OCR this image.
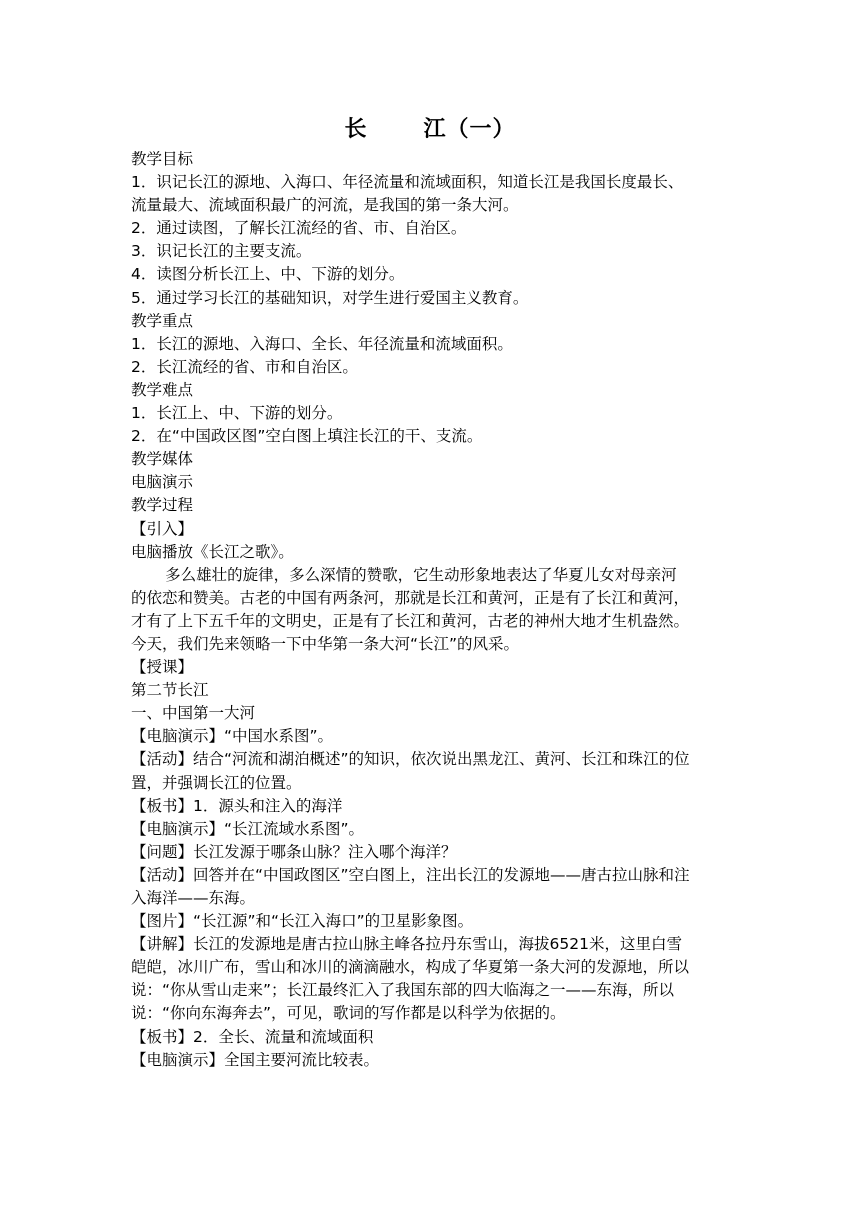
长	江（一）

教学目标

1．识记长江的源地、入海口、年径流量和流域面积，知道长江是我国长度最长、流量最大、流域面积最广的河流，是我国的第一条大河。

2．通过读图，了解长江流经的省、市、自治区。

3．识记长江的主要支流。

4．读图分析长江上、中、下游的划分。

5．通过学习长江的基础知识，对学生进行爱国主义教育。

教学重点

1．长江的源地、入海口、全长、年径流量和流域面积。

2．长江流经的省、市和自治区。

教学难点

1．长江上、中、下游的划分。

2．在“中国政区图”空白图上填注长江的干、支流。

教学媒体

电脑演示

教学过程

【引入】

电脑播放《长江之歌》。

多么雄壮的旋律，多么深情的赞歌，它生动形象地表达了华夏儿女对母亲河的依恋和赞美。古老的中国有两条河，那就是长江和黄河，正是有了长江和黄河，才有了上下五千年的文明史，正是有了长江和黄河，古老的神州大地才生机盎然。今天，我们先来领略一下中华第一条大河“长江”的风采。

【授课】

第二节长江

一、中国第一大河

【电脑演示】“中国水系图”。

【活动】结合“河流和湖泊概述”的知识，依次说出黑龙江、黄河、长江和珠江的位置，并强调长江的位置。

【板书】1．源头和注入的海洋

【电脑演示】“长江流域水系图”。

【问题】长江发源于哪条山脉？注入哪个海洋？

【活动】回答并在“中国政图区”空白图上，注出长江的发源地——唐古拉山脉和注入海洋——东海。

【图片】“长江源”和“长江入海口”的卫星影象图。

【讲解】长江的发源地是唐古拉山脉主峰各拉丹东雪山，海拔6521米，这里白雪皑皑，冰川广布，雪山和冰川的滴滴融水，构成了华夏第一条大河的发源地，所以说：“你从雪山走来”；长江最终汇入了我国东部的四大临海之一——东海，所以说：“你向东海奔去”，可见，歌词的写作都是以科学为依据的。

【板书】2．全长、流量和流域面积

【电脑演示】全国主要河流比较表。
